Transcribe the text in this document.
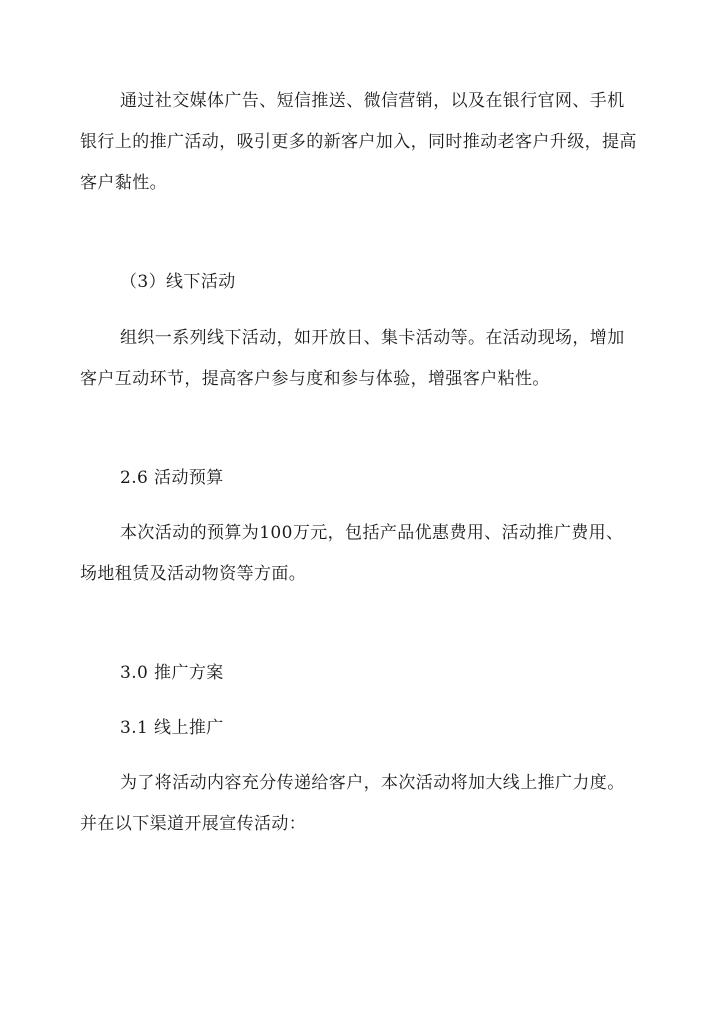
通过社交媒体广告、短信推送、微信营销，以及在银行官网、手机银行上的推广活动，吸引更多的新客户加入，同时推动老客户升级，提高客户黏性。

（3）线下活动

组织一系列线下活动，如开放日、集卡活动等。在活动现场，增加客户互动环节，提高客户参与度和参与体验，增强客户粘性。

2.6 活动预算

本次活动的预算为100万元，包括产品优惠费用、活动推广费用、场地租赁及活动物资等方面。

3.0 推广方案

3.1 线上推广

为了将活动内容充分传递给客户，本次活动将加大线上推广力度。并在以下渠道开展宣传活动：
